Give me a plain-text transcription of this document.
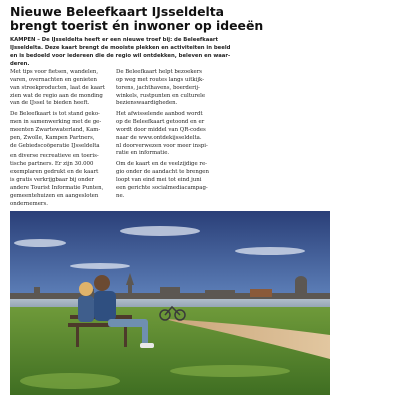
Nieuwe Beleefkaart IJsseldelta
brengt toerist én inwoner op ideeën

KAMPEN – De IJsseldelta heeft er een nieuwe troef bij: de Beleefkaart
IJsseldelta. Deze kaart brengt de mooiste plekken en activiteiten in beeld
en is bedoeld voor iedereen die de regio wil ontdekken, beleven en waar-
deren.

Met tips voor fietsen, wandelen,
varen, overnachten en genieten
van streekproducten, laat de kaart
zien wat de regio aan de monding
van de IJssel te bieden heeft.

De Beleefkaart is tot stand geko-
men in samenwerking met de ge-
meenten Zwartewaterland, Kam-
pen, Zwolle, Kampen Partners,
de Gebiedscoöperatie IJsseldelta

en diverse recreatieve en toeris-
tische partners. Er zijn 30.000
exemplaren gedrukt en de kaart
is gratis verkrijgbaar bij onder
andere Tourist Informatie Punten,
gemeentehuizen en aangesloten
ondernemers.

De Beleefkaart helpt bezoekers
op weg met routes langs uitkijk-
torens, jachthavens, boerderij-
winkels, rustpunten en culturele
bezienswaardigheden.

Het afwisselende aanbod wordt
op de Beleefkaart getoond en er
wordt door middel van QR-codes
naar de www.ontdekijsseldelta.
nl doorverwezen voor meer inspi-
ratie en informatie.

Om de kaart en de veelzijdige re-
gio onder de aandacht te brengen
loopt van eind mei tot eind juni
een gerichte socialmediacampag-
ne.
